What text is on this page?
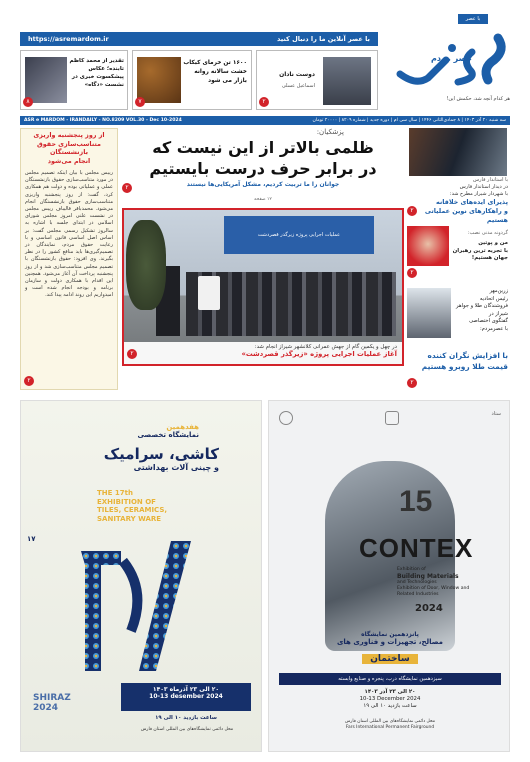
با عصر
عصر مردم
هر کدام آنچه شد، حکمش این!
با عصر آنلاین ما را دنبال کنید
https://asremardom.ir
دوست نادان
اسماعیل عسلی
۲
۱۶۰۰ تن خرمای کبکاب خشت سالانه روانه بازار می شود
۷
تقدیر از محمد کاظم تابنده؛ عکاس پیشکسوت خبری در نشست «دگاه»
۸
ASR e MARDOM - IRANDAILY - NO.8209 VOL.30 - Dec 10-2024	سه شنبه ۲۰ آذر ۱۴۰۳ | ۸ جمادی‌الثانی ۱۴۴۶ | سال سی ام | دوره جدید | شماره ۸۲۰۹ | ۲۰۰۰۰ تومان
از روز پنجشنبه واریزی
متناسب‌سازی حقوق بازنشستگان
انجام می‌شود
رییس مجلس با بیان اینکه تصمیم مجلس در مورد متناسب‌سازی حقوق بازنشستگان عملی و عملیاتی بوده و دولت هم همکاری کرد، گفت: از روز پنجشنبه واریزی متناسب‌سازی حقوق بازنشستگان انجام می‌شود. محمدباقر قالیباف رییس مجلس در نشست علنی امروز مجلس شورای اسلامی در ابتدای جلسه با اشاره به سالروز تشکیل رسمی مجلس گفت: بر اساس اصل اساسی قانون اساسی و با رعایت حقوق مردم، نمایندگان در تصمیم‌گیری‌ها باید منافع کشور را در نظر بگیرند. وی افزود: حقوق بازنشستگان با تصمیم مجلس متناسب‌سازی شد و از روز پنجشنبه پرداخت آن آغاز می‌شود. همچنین این اقدام با همکاری دولت و سازمان برنامه و بودجه انجام شده است و امیدواریم این روند ادامه پیدا کند.
۲
پزشکیان:
ظلمی بالاتر از این نیست که
در برابر حرف درست بایستیم
جوانان را ما تربیت کردیم، مشکل آمریکایی‌ها نیستند
۲
۱۲ صفحه
عملیات اجرایی پروژه زیرگذر قصردشت
در چهل و یکمین گام از جهش عمرانی کلانشهر شیراز انجام شد:
آغاز عملیات اجرایی پروژه «زیرگذر قصردشت»
۲
با استاندار فارس
در دیدار استاندار فارس
با شهردار شیراز مطرح شد:
پذیرای ایده‌های خلاقانه
و راهکارهای نوین عملیاتی هستیم
۲
گردونه مدنی نصب:
من و پوتین
با تجربه ترین رهبران
جهان هستیم!
۲
زرین‌مهر
رئیس اتحادیه
فروشندگان طلا و جواهر
شیراز در
گفتگوی اختصاصی
با عصرمردم:
با افزایش نگران کننده
قیمت طلا روبرو هستیم
۲
هفدهمین
نمایشگاه تخصصی
کاشی، سرامیک
و چینی آلات بهداشتی
THE 17th
EXHIBITION OF
TILES, CERAMICS,
SANITARY WARE
۱۷
SHIRAZ
2024
۲۰ الی ۲۳ آذرماه ۱۴۰۳
10-13 desember 2024
ساعت بازدید ۱۰ الی ۱۹
محل دائمی نمایشگاه‌های بین المللی استان فارس
ستاد
15
CONTEX
Exhibition of
Building Materials
and Technologies
Exhibition of Door, Window and
Related Industries
2024
پانزدهمین نمایشگاه
مصالح، تجهیزات و فناوری های
ساختمان
سیزدهمین نمایشگاه درب، پنجره و صنایع وابسته
۲۰ الی ۲۳ آذر ۱۴۰۳
10-13 December 2024
ساعت بازدید ۱۰ الی ۱۹
محل دائمی نمایشگاه‌های بین المللی استان فارس
Fars International Permanent Fairground
